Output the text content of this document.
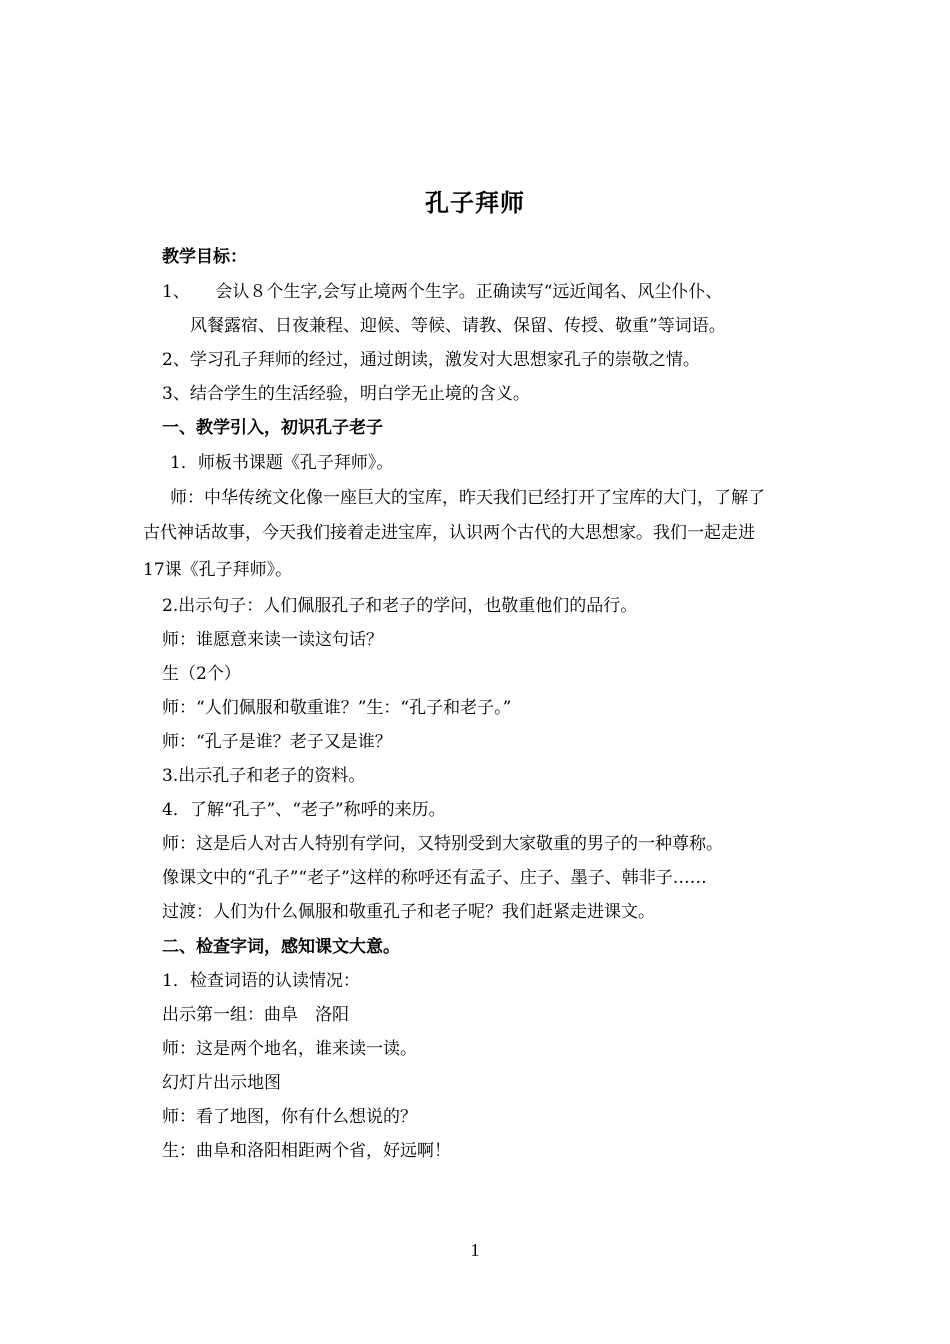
孔子拜师
教学目标：
1、　　会认８个生字,会写止境两个生字。正确读写“远近闻名、风尘仆仆、
风餐露宿、日夜兼程、迎候、等候、请教、保留、传授、敬重”等词语。
2、学习孔子拜师的经过，通过朗读，激发对大思想家孔子的崇敬之情。
3、结合学生的生活经验，明白学无止境的含义。
一、教学引入，初识孔子老子
1．师板书课题《孔子拜师》。
师：中华传统文化像一座巨大的宝库，昨天我们已经打开了宝库的大门，了解了
古代神话故事，今天我们接着走进宝库，认识两个古代的大思想家。我们一起走进
17课《孔子拜师》。
2.出示句子：人们佩服孔子和老子的学问，也敬重他们的品行。
师：谁愿意来读一读这句话？
生（2个）
师：“人们佩服和敬重谁？”生：“孔子和老子。”
师：“孔子是谁？老子又是谁？
3.出示孔子和老子的资料。
4．了解“孔子”、“老子”称呼的来历。
师：这是后人对古人特别有学问，又特别受到大家敬重的男子的一种尊称。
像课文中的“孔子”“老子”这样的称呼还有孟子、庄子、墨子、韩非子……
过渡：人们为什么佩服和敬重孔子和老子呢？我们赶紧走进课文。
二、检查字词，感知课文大意。
1．检查词语的认读情况：
出示第一组：曲阜　洛阳
师：这是两个地名，谁来读一读。
幻灯片出示地图
师：看了地图，你有什么想说的？
生：曲阜和洛阳相距两个省，好远啊！
1
